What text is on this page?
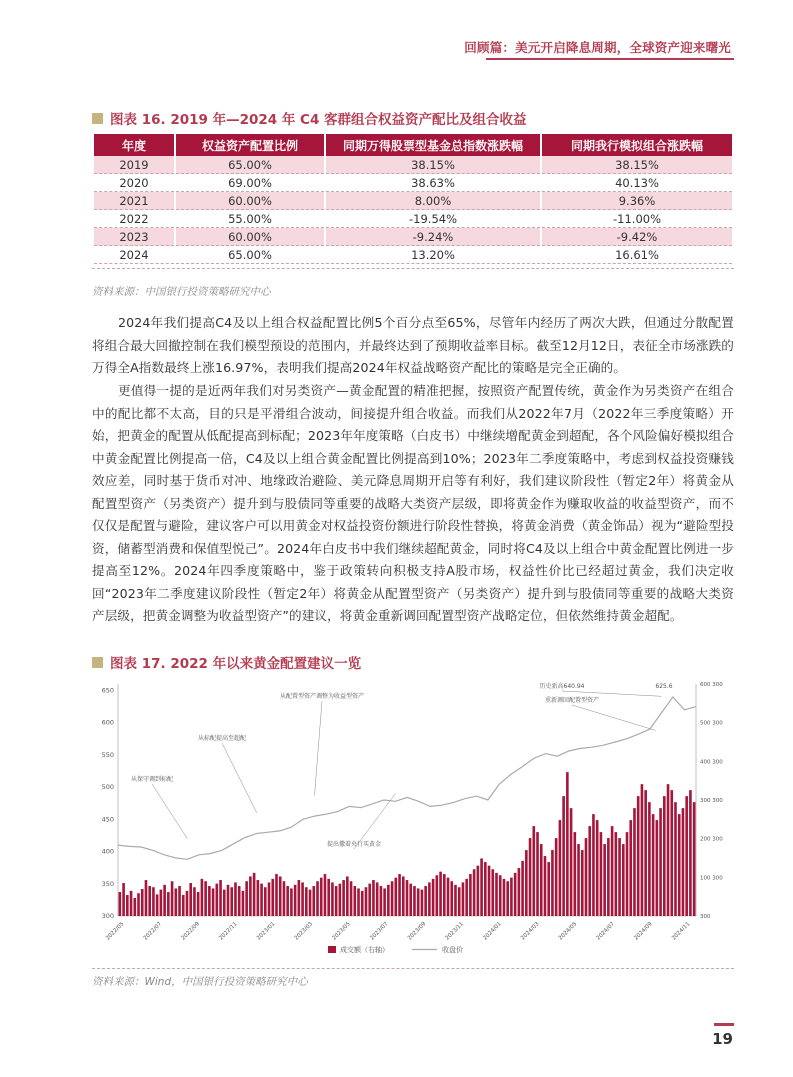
回顾篇：美元开启降息周期，全球资产迎来曙光
图表 16. 2019 年—2024 年 C4 客群组合权益资产配比及组合收益
年度	权益资产配置比例	同期万得股票型基金总指数涨跌幅	同期我行模拟组合涨跌幅
2019	65.00%	38.15%	38.15%
2020	69.00%	38.63%	40.13%
2021	60.00%	8.00%	9.36%
2022	55.00%	-19.54%	-11.00%
2023	60.00%	-9.24%	-9.42%
2024	65.00%	13.20%	16.61%
资料来源：中国银行投资策略研究中心

2024年我们提高C4及以上组合权益配置比例5个百分点至65%，尽管年内经历了两次大跌，但通过分散配置将组合最大回撤控制在我们模型预设的范围内，并最终达到了预期收益率目标。截至12月12日，表征全市场涨跌的万得全A指数最终上涨16.97%，表明我们提高2024年权益战略资产配比的策略是完全正确的。

更值得一提的是近两年我们对另类资产—黄金配置的精准把握，按照资产配置传统，黄金作为另类资产在组合中的配比都不太高，目的只是平滑组合波动，间接提升组合收益。而我们从2022年7月（2022年三季度策略）开始，把黄金的配置从低配提高到标配；2023年年度策略（白皮书）中继续增配黄金到超配，各个风险偏好模拟组合中黄金配置比例提高一倍，C4及以上组合黄金配置比例提高到10%；2023年二季度策略中，考虑到权益投资赚钱效应差，同时基于货币对冲、地缘政治避险、美元降息周期开启等有利好，我们建议阶段性（暂定2年）将黄金从配置型资产（另类资产）提升到与股债同等重要的战略大类资产层级，即将黄金作为赚取收益的收益型资产，而不仅仅是配置与避险，建议客户可以用黄金对权益投资份额进行阶段性替换，将黄金消费（黄金饰品）视为“避险型投资，储蓄型消费和保值型悦己”。2024年白皮书中我们继续超配黄金，同时将C4及以上组合中黄金配置比例进一步提高至12%。2024年四季度策略中，鉴于政策转向积极支持A股市场，权益性价比已经超过黄金，我们决定收回“2023年二季度建议阶段性（暂定2年）将黄金从配置型资产（另类资产）提升到与股债同等重要的战略大类资产层级，把黄金调整为收益型资产”的建议，将黄金重新调回配置型资产战略定位，但依然维持黄金超配。

图表 17. 2022 年以来黄金配置建议一览
300
350
400
450
500
550
600
650
300
100 300
200 300
300 300
400 300
500 300
600 300
2022/05	2022/07	2022/09	2022/11	2023/01	2023/03	2023/05	2023/07	2023/09	2023/11	2024/01	2024/03	2024/05	2024/07	2024/09	2024/11
从保守调到标配
从标配提高至超配
从配置型资产调整为收益型资产
提出撒着央行买黄金
历史新高640.94
重新调回配置型资产
625.6
成交额（右轴）	收盘价
资料来源：Wind，中国银行投资策略研究中心
19
